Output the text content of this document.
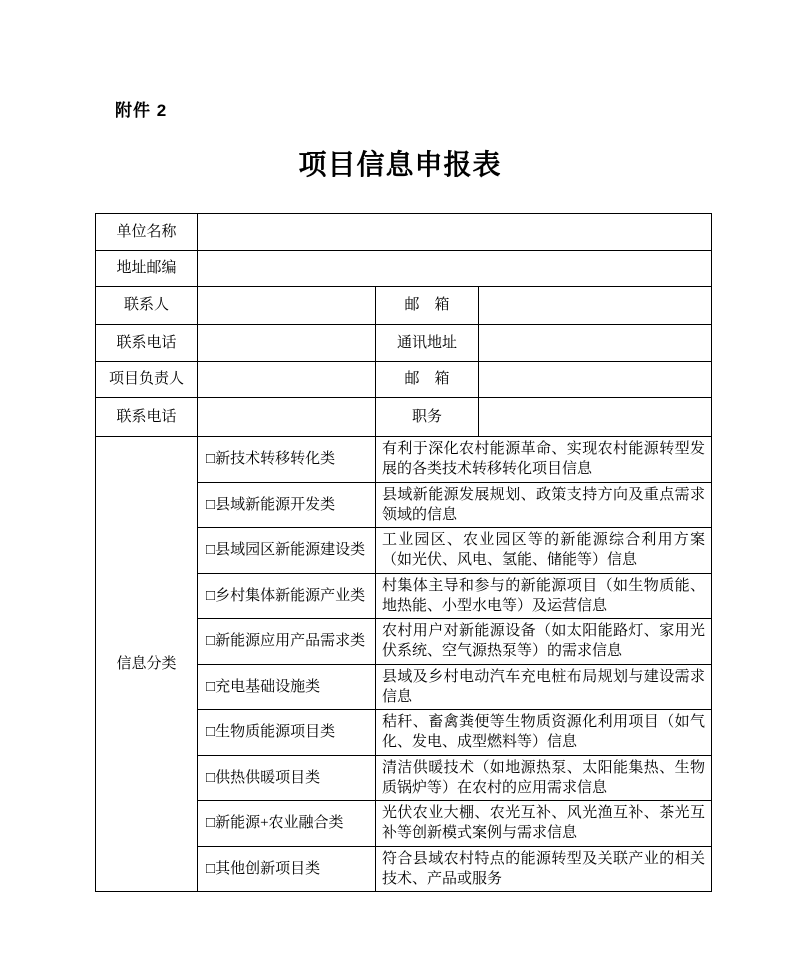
附件 2
项目信息申报表
单位名称			
地址邮编			
联系人		邮　箱	
联系电话		通讯地址	
项目负责人		邮　箱	
联系电话		职务	
信息分类	□新技术转移转化类	有利于深化农村能源革命、实现农村能源转型发展的各类技术转移转化项目信息	
	□县域新能源开发类	县域新能源发展规划、政策支持方向及重点需求领域的信息	
	□县域园区新能源建设类	工业园区、农业园区等的新能源综合利用方案（如光伏、风电、氢能、储能等）信息	
	□乡村集体新能源产业类	村集体主导和参与的新能源项目（如生物质能、地热能、小型水电等）及运营信息	
	□新能源应用产品需求类	农村用户对新能源设备（如太阳能路灯、家用光伏系统、空气源热泵等）的需求信息	
	□充电基础设施类	县域及乡村电动汽车充电桩布局规划与建设需求信息	
	□生物质能源项目类	秸秆、畜禽粪便等生物质资源化利用项目（如气化、发电、成型燃料等）信息	
	□供热供暖项目类	清洁供暖技术（如地源热泵、太阳能集热、生物质锅炉等）在农村的应用需求信息	
	□新能源+农业融合类	光伏农业大棚、农光互补、风光渔互补、茶光互补等创新模式案例与需求信息	
	□其他创新项目类	符合县域农村特点的能源转型及关联产业的相关技术、产品或服务	
